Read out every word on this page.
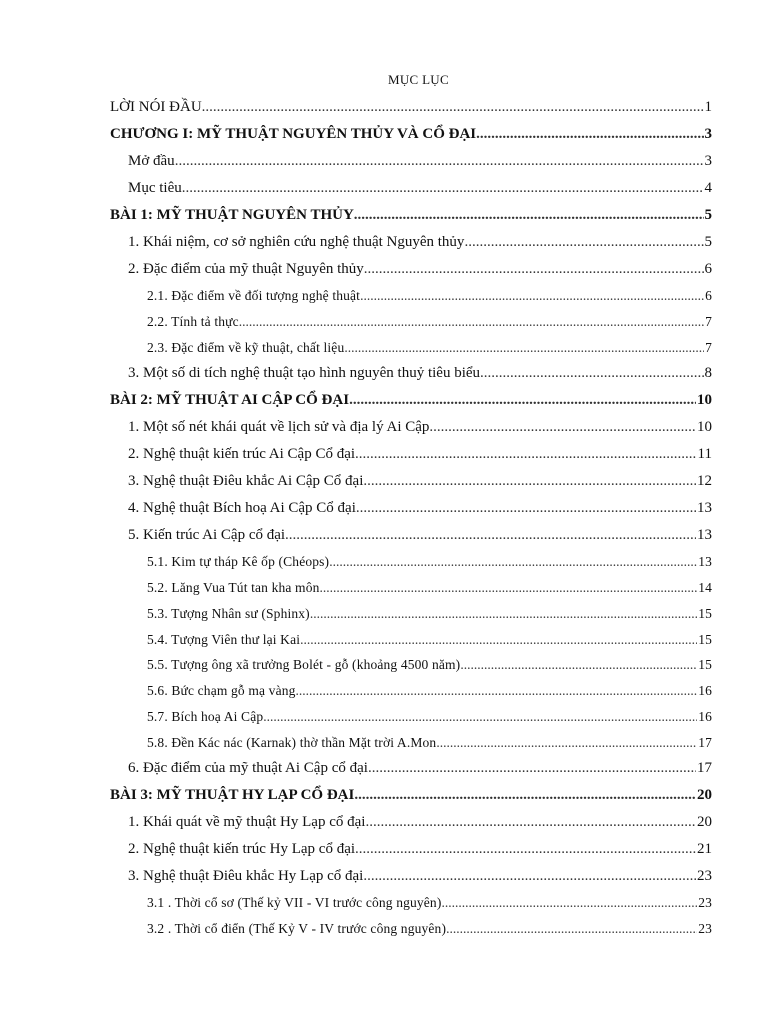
MỤC LỤC
LỜI NÓI ĐẦU .....	1
CHƯƠNG I: MỸ THUẬT NGUYÊN THỦY VÀ CỔ ĐẠI .....	3
Mở đầu .....	3
Mục tiêu .....	4
BÀI 1: MỸ THUẬT NGUYÊN THỦY .....	5
1. Khái niệm, cơ sở nghiên cứu nghệ thuật Nguyên thủy .....	5
2. Đặc điểm của mỹ thuật Nguyên thủy .....	6
2.1. Đặc điểm về đối tượng nghệ thuật .....	6
2.2. Tính tả thực .....	7
2.3. Đặc điểm về kỹ thuật, chất liệu .....	7
3. Một số di tích nghệ thuật tạo hình nguyên thuỷ tiêu biểu .....	8
BÀI 2: MỸ THUẬT AI CẬP CỔ ĐẠI .....	10
1. Một số nét khái quát về lịch sử và địa lý Ai Cập .....	10
2. Nghệ thuật kiến trúc Ai Cập Cổ đại .....	11
3. Nghệ thuật Điêu khắc Ai Cập Cổ đại .....	12
4. Nghệ thuật Bích hoạ Ai Cập Cổ đại .....	13
5. Kiến trúc Ai Cập cổ đại .....	13
5.1. Kim tự tháp Kê ốp (Chéops) .....	13
5.2. Lăng Vua Tút tan kha môn .....	14
5.3. Tượng Nhân sư (Sphinx) .....	15
5.4. Tượng Viên thư lại Kai .....	15
5.5. Tượng ông xã trưởng Bolét - gỗ (khoảng 4500 năm) .....	15
5.6. Bức chạm gỗ mạ vàng .....	16
5.7. Bích hoạ Ai Cập .....	16
5.8. Đền Kác nác (Karnak) thờ thần Mặt trời A.Mon .....	17
6. Đặc điểm của mỹ thuật Ai Cập cổ đại .....	17
BÀI 3: MỸ THUẬT HY LẠP CỔ ĐẠI .....	20
1. Khái quát về mỹ thuật Hy Lạp cổ đại .....	20
2. Nghệ thuật kiến trúc Hy Lạp cổ đại .....	21
3. Nghệ thuật Điêu khắc Hy Lạp cổ đại .....	23
3.1 . Thời cổ sơ (Thế kỷ VII - VI trước công nguyên) .....	23
3.2 . Thời cổ điển (Thế Kỷ V - IV trước công nguyên) .....	23
